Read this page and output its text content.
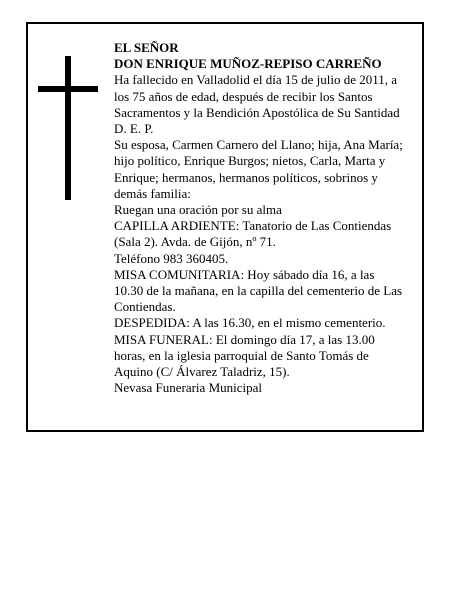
EL SEÑOR
DON ENRIQUE MUÑOZ-REPISO CARREÑO
Ha fallecido en Valladolid el día 15 de julio de 2011, a
los 75 años de edad, después de recibir los Santos
Sacramentos y la Bendición Apostólica de Su Santidad
D. E. P.
Su esposa, Carmen Carnero del Llano; hija, Ana María;
hijo político, Enrique Burgos; nietos, Carla, Marta y
Enrique; hermanos, hermanos políticos, sobrinos y
demás familia:
Ruegan una oración por su alma
CAPILLA ARDIENTE: Tanatorio de Las Contiendas
(Sala 2). Avda. de Gijón, nº 71.
Teléfono 983 360405.
MISA COMUNITARIA: Hoy sábado día 16, a las
10.30 de la mañana, en la capilla del cementerio de Las
Contiendas.
DESPEDIDA: A las 16.30, en el mismo cementerio.
MISA FUNERAL: El domingo día 17, a las 13.00
horas, en la iglesia parroquial de Santo Tomás de
Aquino (C/ Álvarez Taladriz, 15).
Nevasa Funeraria Municipal
